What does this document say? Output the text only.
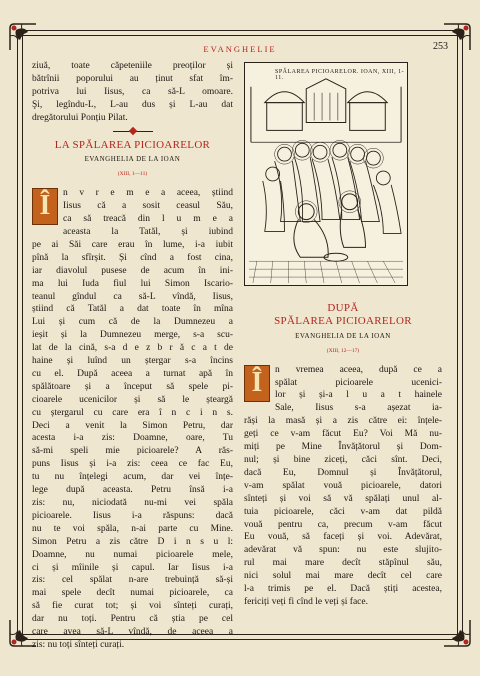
EVANGHELIE	253
ziuă, toate căpeteniile preoților și
bătrînii poporului au ținut sfat îm-
potriva lui Iisus, ca să-L omoare.
Şi, legîndu-L, L-au dus și L-au dat
dregătorului Ponțiu Pilat.
LA SPĂLAREA PICIOARELOR
EVANGHELIA DE LA IOAN
(XIII, 1—11)
Î	n v r e m e a aceea, știind
Iisus că a sosit ceasul Său,
ca să treacă din l u m e a
aceasta la Tatăl, și iubind
pe ai Săi care erau în lume, i-a iubit
pînă la sfîrșit. Și cînd a fost cina,
iar diavolul pusese de acum în ini-
ma lui Iuda fiul lui Simon Iscario-
teanul gîndul ca să-L vîndă, Iisus,
știind că Tatăl a dat toate în mîna
Lui și cum că de la Dumnezeu a
ieșit și la Dumnezeu merge, s-a scu-
lat de la cină, s-a d e z b r ă c a t de
haine și luînd un ștergar s-a încins
cu el. După aceea a turnat apă în
spălătoare și a început să spele pi-
cioarele ucenicilor și să le șteargă
cu ștergarul cu care era î n c i n s.
Deci a venit la Simon Petru, dar
acesta i-a zis: Doamne, oare, Tu
să-mi speli mie picioarele? A răs-
puns Iisus și i-a zis: ceea ce fac Eu,
tu nu înțelegi acum, dar vei înțe-
lege după aceasta. Petru însă i-a
zis: nu, niciodată nu-mi vei spăla
picioarele. Iisus i-a răspuns: dacă
nu te voi spăla, n-ai parte cu Mine.
Simon Petru a zis către D i n s u l:
Doamne, nu numai picioarele mele,
ci și mîinile și capul. Iar Iisus i-a
zis: cel spălat n-are trebuință să-și
mai spele decît numai picioarele, ca
să fie curat tot; și voi sînteți curați,
dar nu toți. Pentru că știa pe cel
care avea să-L vîndă, de aceea a
zis: nu toți sînteți curați.
SPĂLAREA PICIOARELOR. IOAN, XIII, 1-11.
DUPĂ
SPĂLAREA PICIOARELOR
EVANGHELIA DE LA IOAN
(XIII, 12—17)
Î	n vremea aceea, după ce a
spălat picioarele ucenici-
lor și și-a l u a t hainele
Sale, Iisus s-a așezat ia-
răși la masă și a zis către ei: înțele-
geți ce v-am făcut Eu? Voi Mă nu-
miți pe Mine Învățătorul și Dom-
nul; și bine ziceți, căci sînt. Deci,
dacă Eu, Domnul și Învățătorul,
v-am spălat vouă picioarele, datori
sînteți și voi să vă spălați unul al-
tuia picioarele, căci v-am dat pildă
vouă pentru ca, precum v-am făcut
Eu vouă, să faceți și voi. Adevărat,
adevărat vă spun: nu este slujito-
rul mai mare decît stăpînul său,
nici solul mai mare decît cel care
l-a trimis pe el. Dacă știți acestea,
fericiți veți fi cînd le veți și face.
